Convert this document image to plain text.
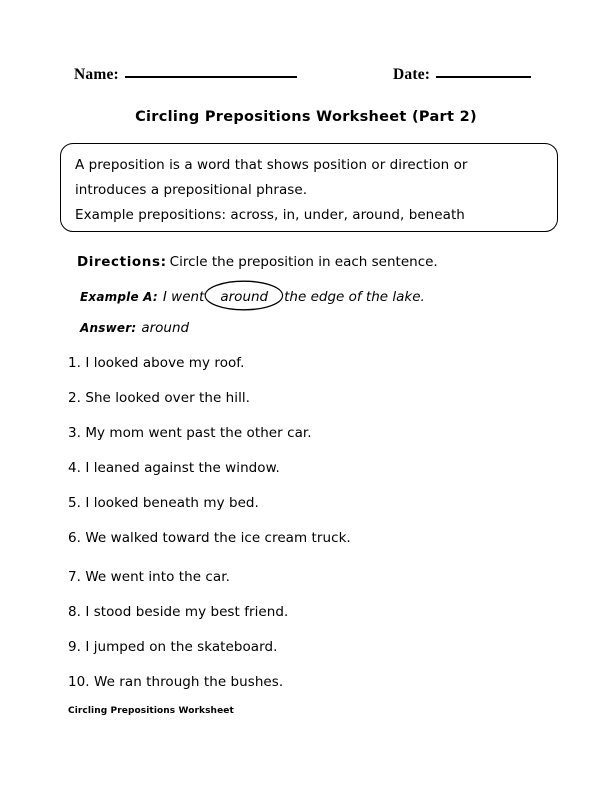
Name:	Date:
Circling Prepositions Worksheet (Part 2)
A preposition is a word that shows position or direction or
introduces a prepositional phrase.
Example prepositions: across, in, under, around, beneath
Directions: Circle the preposition in each sentence.
Example A: I went around the edge of the lake.
Answer: around
1. I looked above my roof.
2. She looked over the hill.
3. My mom went past the other car.
4. I leaned against the window.
5. I looked beneath my bed.
6. We walked toward the ice cream truck.
7. We went into the car.
8. I stood beside my best friend.
9. I jumped on the skateboard.
10. We ran through the bushes.
Circling Prepositions Worksheet
